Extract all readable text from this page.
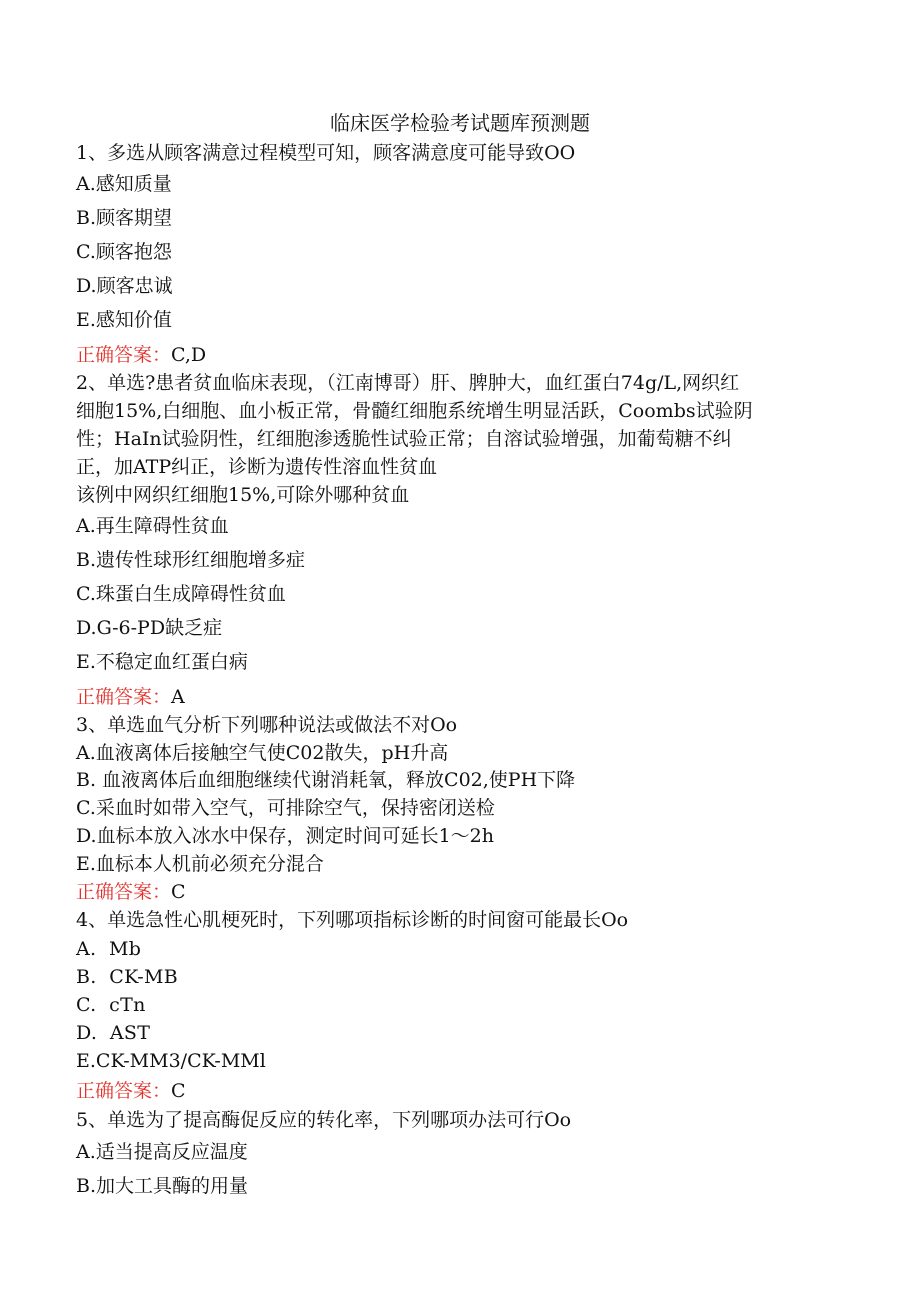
临床医学检验考试题库预测题
1、多选从顾客满意过程模型可知，顾客满意度可能导致OO
A.感知质量
B.顾客期望
C.顾客抱怨
D.顾客忠诚
E.感知价值
正确答案：C,D
2、单选?患者贫血临床表现，（江南博哥）肝、脾肿大，血红蛋白74g/L,网织红
细胞15%,白细胞、血小板正常，骨髓红细胞系统增生明显活跃，Coombs试验阴
性；HaIn试验阴性，红细胞渗透脆性试验正常；自溶试验增强，加葡萄糖不纠
正，加ATP纠正，诊断为遗传性溶血性贫血
该例中网织红细胞15%,可除外哪种贫血
A.再生障碍性贫血
B.遗传性球形红细胞增多症
C.珠蛋白生成障碍性贫血
D.G-6-PD缺乏症
E.不稳定血红蛋白病
正确答案：A
3、单选血气分析下列哪种说法或做法不对Oo
A.血液离体后接触空气使C02散失，pH升高
B. 血液离体后血细胞继续代谢消耗氧，释放C02,使PH下降
C.采血时如带入空气，可排除空气，保持密闭送检
D.血标本放入冰水中保存，测定时间可延长1～2h
E.血标本人机前必须充分混合
正确答案：C
4、单选急性心肌梗死时，下列哪项指标诊断的时间窗可能最长Oo
A.  Mb
B.  CK-MB
C.  cTn
D.  AST
E.CK-MM3/CK-MMl
正确答案：C
5、单选为了提高酶促反应的转化率，下列哪项办法可行Oo
A.适当提高反应温度
B.加大工具酶的用量
